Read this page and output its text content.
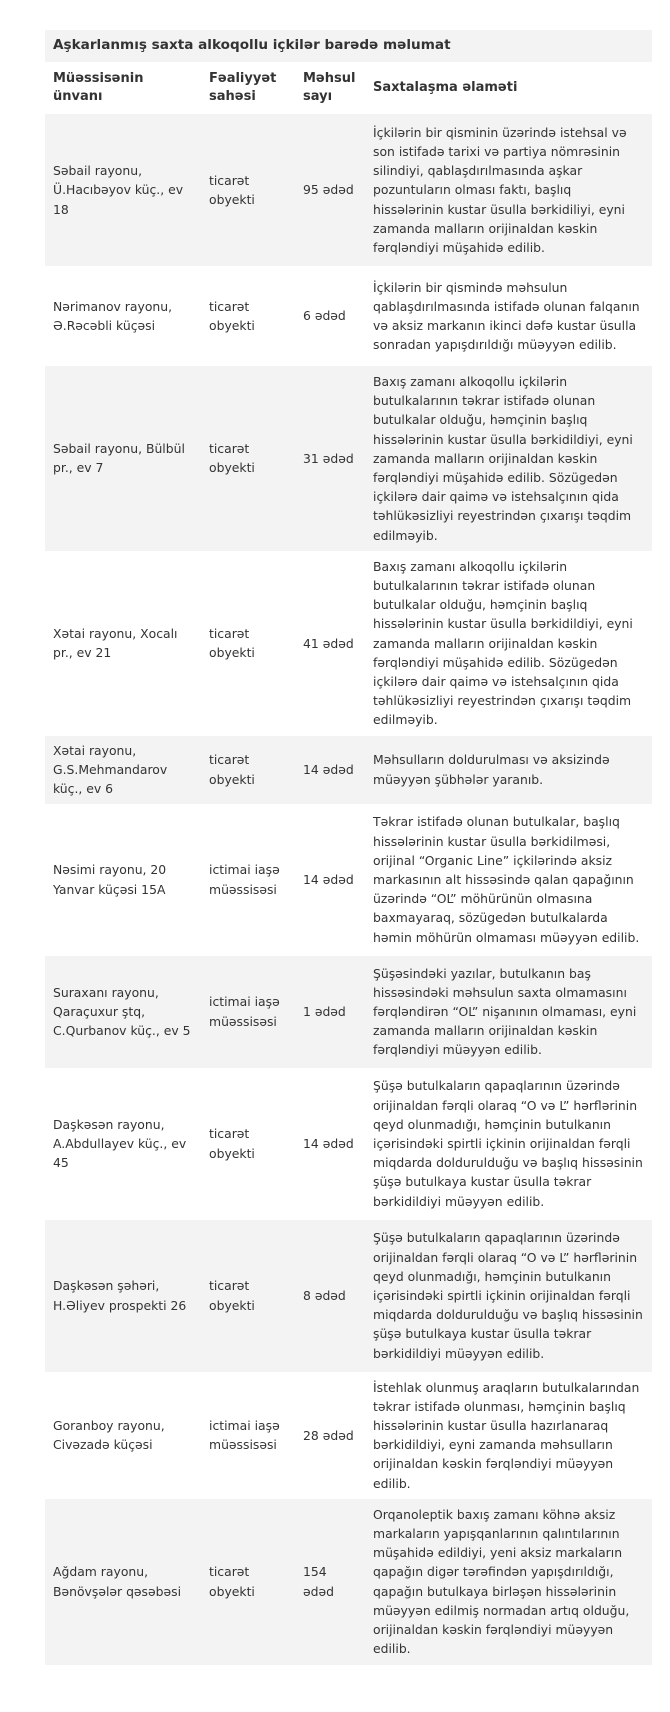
Aşkarlanmış saxta alkoqollu içkilər barədə məlumat			
Müəssisənin ünvanı	Fəaliyyət sahəsi	Məhsul sayı	Saxtalaşma əlaməti
Səbail rayonu, Ü.Hacıbəyov küç., ev 18	ticarət obyekti	95 ədəd	İçkilərin bir qisminin üzərində istehsal və son istifadə tarixi və partiya nömrəsinin silindiyi, qablaşdırılmasında aşkar pozuntuların olması faktı, başlıq hissələrinin kustar üsulla bərkidiliyi, eyni zamanda malların orijinaldan kəskin fərqləndiyi müşahidə edilib.
Nərimanov rayonu, Ə.Rəcəbli küçəsi	ticarət obyekti	6 ədəd	İçkilərin bir qismində məhsulun qablaşdırılmasında istifadə olunan falqanın və aksiz markanın ikinci dəfə kustar üsulla sonradan yapışdırıldığı müəyyən edilib.
Səbail rayonu, Bülbül pr., ev 7	ticarət obyekti	31 ədəd	Baxış zamanı alkoqollu içkilərin butulkalarının təkrar istifadə olunan butulkalar olduğu, həmçinin başlıq hissələrinin kustar üsulla bərkidildiyi, eyni zamanda malların orijinaldan kəskin fərqləndiyi müşahidə edilib. Sözügedən içkilərə dair qaimə və istehsalçının qida təhlükəsizliyi reyestrindən çıxarışı təqdim edilməyib.
Xətai rayonu, Xocalı pr., ev 21	ticarət obyekti	41 ədəd	Baxış zamanı alkoqollu içkilərin butulkalarının təkrar istifadə olunan butulkalar olduğu, həmçinin başlıq hissələrinin kustar üsulla bərkidildiyi, eyni zamanda malların orijinaldan kəskin fərqləndiyi müşahidə edilib. Sözügedən içkilərə dair qaimə və istehsalçının qida təhlükəsizliyi reyestrindən çıxarışı təqdim edilməyib.
Xətai rayonu, G.S.Mehmandarov küç., ev 6	ticarət obyekti	14 ədəd	Məhsulların doldurulması və aksizində müəyyən şübhələr yaranıb.
Nəsimi rayonu, 20 Yanvar küçəsi 15A	ictimai iaşə müəssisəsi	14 ədəd	Təkrar istifadə olunan butulkalar, başlıq hissələrinin kustar üsulla bərkidilməsi, orijinal “Organic Line” içkilərində aksiz markasının alt hissəsində qalan qapağının üzərində “OL” möhürünün olmasına baxmayaraq, sözügedən butulkalarda həmin möhürün olmaması müəyyən edilib.
Suraxanı rayonu, Qaraçuxur ştq, C.Qurbanov küç., ev 5	ictimai iaşə müəssisəsi	1 ədəd	Şüşəsindəki yazılar, butulkanın baş hissəsindəki məhsulun saxta olmamasını fərqləndirən “OL” nişanının olmaması, eyni zamanda malların orijinaldan kəskin fərqləndiyi müəyyən edilib.
Daşkəsən rayonu, A.Abdullayev küç., ev 45	ticarət obyekti	14 ədəd	Şüşə butulkaların qapaqlarının üzərində orijinaldan fərqli olaraq “O və L” hərflərinin qeyd olunmadığı, həmçinin butulkanın içərisindəki spirtli içkinin orijinaldan fərqli miqdarda doldurulduğu və başlıq hissəsinin şüşə butulkaya kustar üsulla təkrar bərkidildiyi müəyyən edilib.
Daşkəsən şəhəri, H.Əliyev prospekti 26	ticarət obyekti	8 ədəd	Şüşə butulkaların qapaqlarının üzərində orijinaldan fərqli olaraq “O və L” hərflərinin qeyd olunmadığı, həmçinin butulkanın içərisindəki spirtli içkinin orijinaldan fərqli miqdarda doldurulduğu və başlıq hissəsinin şüşə butulkaya kustar üsulla təkrar bərkidildiyi müəyyən edilib.
Goranboy rayonu, Civəzadə küçəsi	ictimai iaşə müəssisəsi	28 ədəd	İstehlak olunmuş araqların butulkalarından təkrar istifadə olunması, həmçinin başlıq hissələrinin kustar üsulla hazırlanaraq bərkidildiyi, eyni zamanda məhsulların orijinaldan kəskin fərqləndiyi müəyyən edilib.
Ağdam rayonu, Bənövşələr qəsəbəsi	ticarət obyekti	154 ədəd	Orqanoleptik baxış zamanı köhnə aksiz markaların yapışqanlarının qalıntılarının müşahidə edildiyi, yeni aksiz markaların qapağın digər tərəfindən yapışdırıldığı, qapağın butulkaya birləşən hissələrinin müəyyən edilmiş normadan artıq olduğu, orijinaldan kəskin fərqləndiyi müəyyən edilib.
